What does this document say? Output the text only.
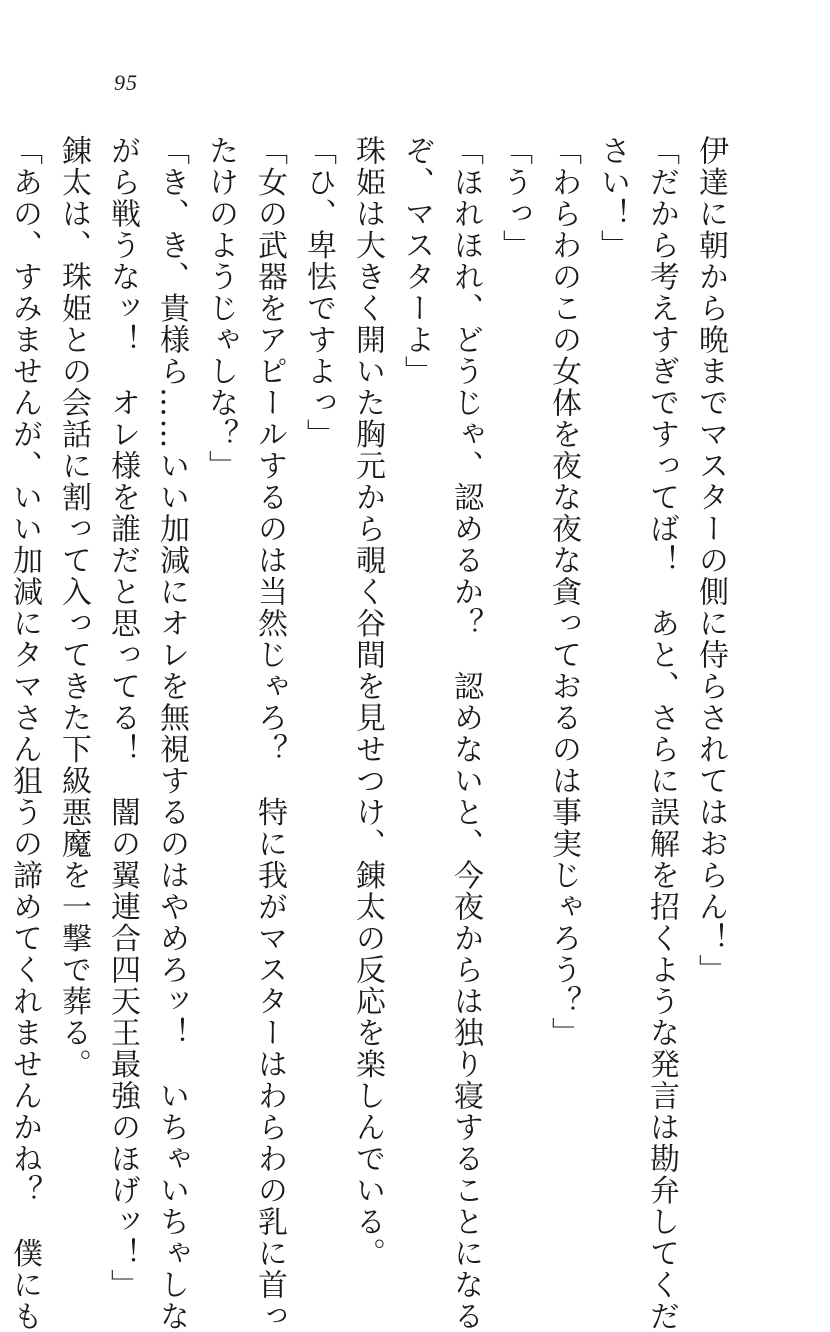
95
伊達に朝から晩までマスターの側に侍らされてはおらん！」
「だから考えすぎですってば！　あと、さらに誤解を招くような発言は勘弁してくだ
さい！」
「わらわのこの女体を夜な夜な貪っておるのは事実じゃろう？」
「うっ」
「ほれほれ、どうじゃ、認めるか？　認めないと、今夜からは独り寝することになる
ぞ、マスターよ」
珠姫は大きく開いた胸元から覗く谷間を見せつけ、錬太の反応を楽しんでいる。
「ひ、卑怯ですよっ」
「女の武器をアピールするのは当然じゃろ？　特に我がマスターはわらわの乳に首っ
たけのようじゃしな？」
「き、き、貴様ら……いい加減にオレを無視するのはやめろッ！　いちゃいちゃしな
がら戦うなッ！　オレ様を誰だと思ってる！　闇の翼連合四天王最強のほげッ！」
錬太は、珠姫との会話に割って入ってきた下級悪魔を一撃で葬る。
「あの、すみませんが、いい加減にタマさん狙うの諦めてくれませんかね？　僕にも
